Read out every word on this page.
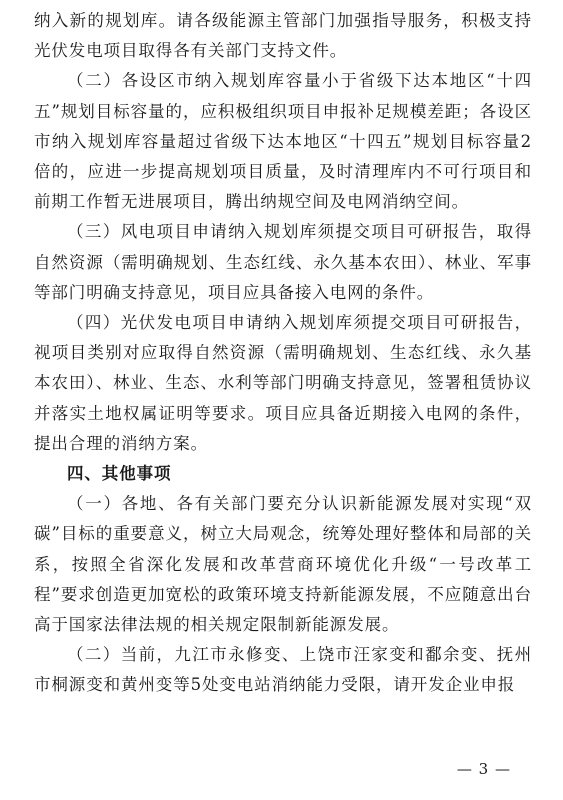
纳入新的规划库。请各级能源主管部门加强指导服务，积极支持光伏发电项目取得各有关部门支持文件。

（二）各设区市纳入规划库容量小于省级下达本地区“十四五”规划目标容量的，应积极组织项目申报补足规模差距；各设区市纳入规划库容量超过省级下达本地区“十四五”规划目标容量2倍的，应进一步提高规划项目质量，及时清理库内不可行项目和前期工作暂无进展项目，腾出纳规空间及电网消纳空间。

（三）风电项目申请纳入规划库须提交项目可研报告，取得自然资源（需明确规划、生态红线、永久基本农田）、林业、军事等部门明确支持意见，项目应具备接入电网的条件。

（四）光伏发电项目申请纳入规划库须提交项目可研报告，视项目类别对应取得自然资源（需明确规划、生态红线、永久基本农田）、林业、生态、水利等部门明确支持意见，签署租赁协议并落实土地权属证明等要求。项目应具备近期接入电网的条件，提出合理的消纳方案。

四、其他事项

（一）各地、各有关部门要充分认识新能源发展对实现“双碳”目标的重要意义，树立大局观念，统筹处理好整体和局部的关系，按照全省深化发展和改革营商环境优化升级“一号改革工程”要求创造更加宽松的政策环境支持新能源发展，不应随意出台高于国家法律法规的相关规定限制新能源发展。

（二）当前，九江市永修变、上饶市汪家变和鄱余变、抚州市桐源变和黄州变等5处变电站消纳能力受限，请开发企业申报

— 3 —
